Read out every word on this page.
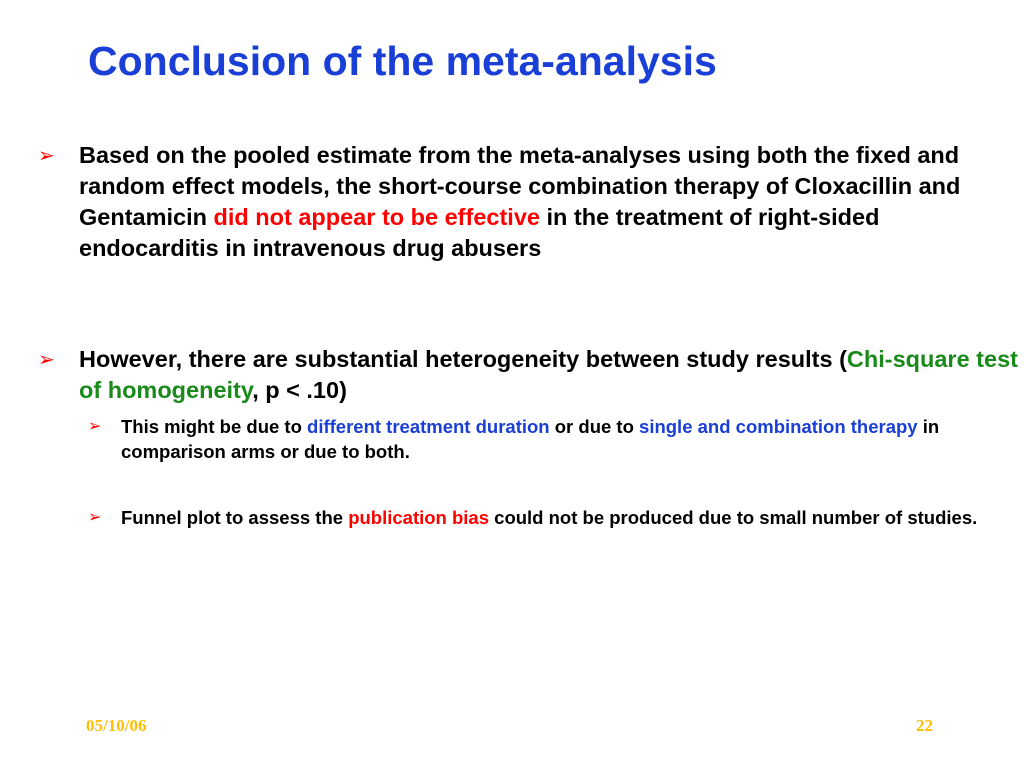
Conclusion of the meta-analysis
➢ Based on the pooled estimate from the meta-analyses using both the fixed and random effect models, the short-course combination therapy of Cloxacillin and Gentamicin did not appear to be effective in the treatment of right-sided endocarditis in intravenous drug abusers
➢ However, there are substantial heterogeneity between study results (Chi-square test of homogeneity, p < .10)
➢ This might be due to different treatment duration or due to single and combination therapy in comparison arms or due to both.
➢ Funnel plot to assess the publication bias could not be produced due to small number of studies.
05/10/06	22
